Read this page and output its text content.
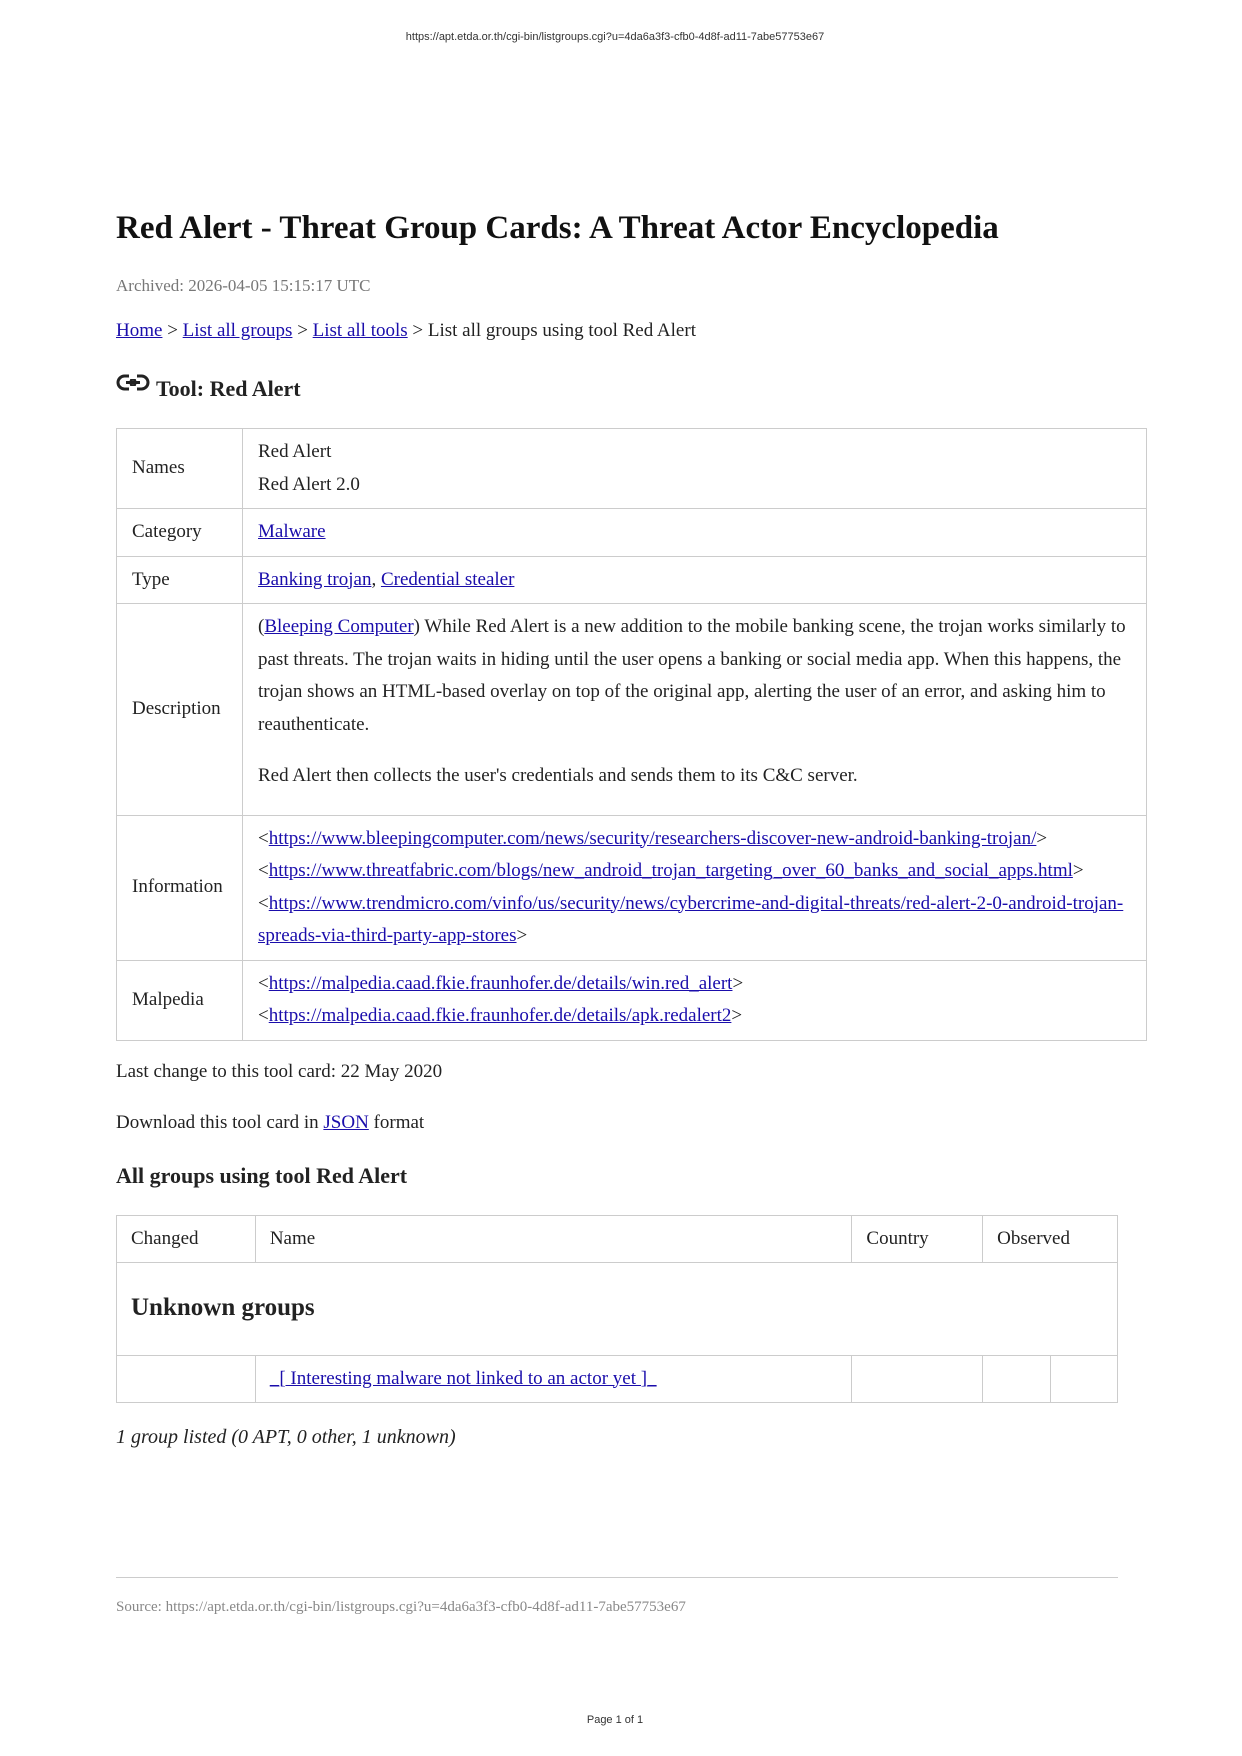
https://apt.etda.or.th/cgi-bin/listgroups.cgi?u=4da6a3f3-cfb0-4d8f-ad11-7abe57753e67
Red Alert - Threat Group Cards: A Threat Actor Encyclopedia
Archived: 2026-04-05 15:15:17 UTC
Home > List all groups > List all tools > List all groups using tool Red Alert
Tool: Red Alert
Names	Red Alert
Red Alert 2.0

Category	Malware
Type	Banking trojan, Credential stealer
Description	(Bleeping Computer) While Red Alert is a new addition to the mobile banking scene, the trojan works similarly to past threats. The trojan waits in hiding until the user opens a banking or social media app. When this happens, the trojan shows an HTML-based overlay on top of the original app, alerting the user of an error, and asking him to reauthenticate.

Red Alert then collects the user's credentials and sends them to its C&C server.

Information	<https://www.bleepingcomputer.com/news/security/researchers-discover-new-android-banking-trojan/>
<https://www.threatfabric.com/blogs/new_android_trojan_targeting_over_60_banks_and_social_apps.html>
<https://www.trendmicro.com/vinfo/us/security/news/cybercrime-and-digital-threats/red-alert-2-0-android-trojan-spreads-via-third-party-app-stores>

Malpedia	<https://malpedia.caad.fkie.fraunhofer.de/details/win.red_alert>
<https://malpedia.caad.fkie.fraunhofer.de/details/apk.redalert2>
Last change to this tool card: 22 May 2020
Download this tool card in JSON format
All groups using tool Red Alert
Changed	Name	Country	Observed	
Unknown groups				
	_[ Interesting malware not linked to an actor yet ]_			
1 group listed (0 APT, 0 other, 1 unknown)
Source: https://apt.etda.or.th/cgi-bin/listgroups.cgi?u=4da6a3f3-cfb0-4d8f-ad11-7abe57753e67
Page 1 of 1
